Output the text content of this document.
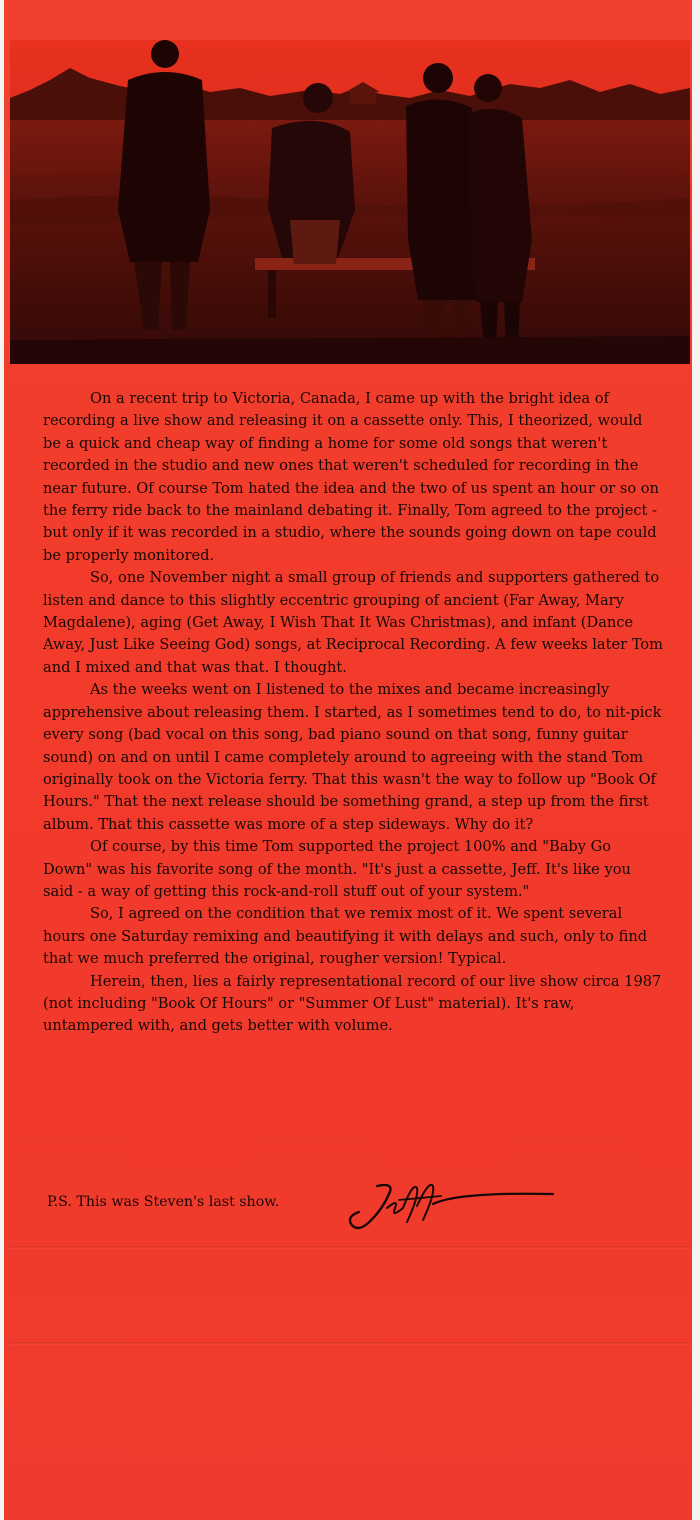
On a recent trip to Victoria, Canada, I came up with the bright idea of recording a live show and releasing it on a cassette only. This, I theorized, would be a quick and cheap way of finding a home for some old songs that weren't recorded in the studio and new ones that weren't scheduled for recording in the near future. Of course Tom hated the idea and the two of us spent an hour or so on the ferry ride back to the mainland debating it. Finally, Tom agreed to the project - but only if it was recorded in a studio, where the sounds going down on tape could be properly monitored.

So, one November night a small group of friends and supporters gathered to listen and dance to this slightly eccentric grouping of ancient (Far Away, Mary Magdalene), aging (Get Away, I Wish That It Was Christmas), and infant (Dance Away, Just Like Seeing God) songs, at Reciprocal Recording. A few weeks later Tom and I mixed and that was that. I thought.

As the weeks went on I listened to the mixes and became increasingly apprehensive about releasing them. I started, as I sometimes tend to do, to nit-pick every song (bad vocal on this song, bad piano sound on that song, funny guitar sound) on and on until I came completely around to agreeing with the stand Tom originally took on the Victoria ferry. That this wasn't the way to follow up "Book Of Hours." That the next release should be something grand, a step up from the first album. That this cassette was more of a step sideways. Why do it?

Of course, by this time Tom supported the project 100% and "Baby Go Down" was his favorite song of the month. "It's just a cassette, Jeff. It's like you said - a way of getting this rock-and-roll stuff out of your system."

So, I agreed on the condition that we remix most of it. We spent several hours one Saturday remixing and beautifying it with delays and such, only to find that we much preferred the original, rougher version! Typical.

Herein, then, lies a fairly representational record of our live show circa 1987 (not including "Book Of Hours" or "Summer Of Lust" material). It's raw, untampered with, and gets better with volume.

P.S. This was Steven's last show.
